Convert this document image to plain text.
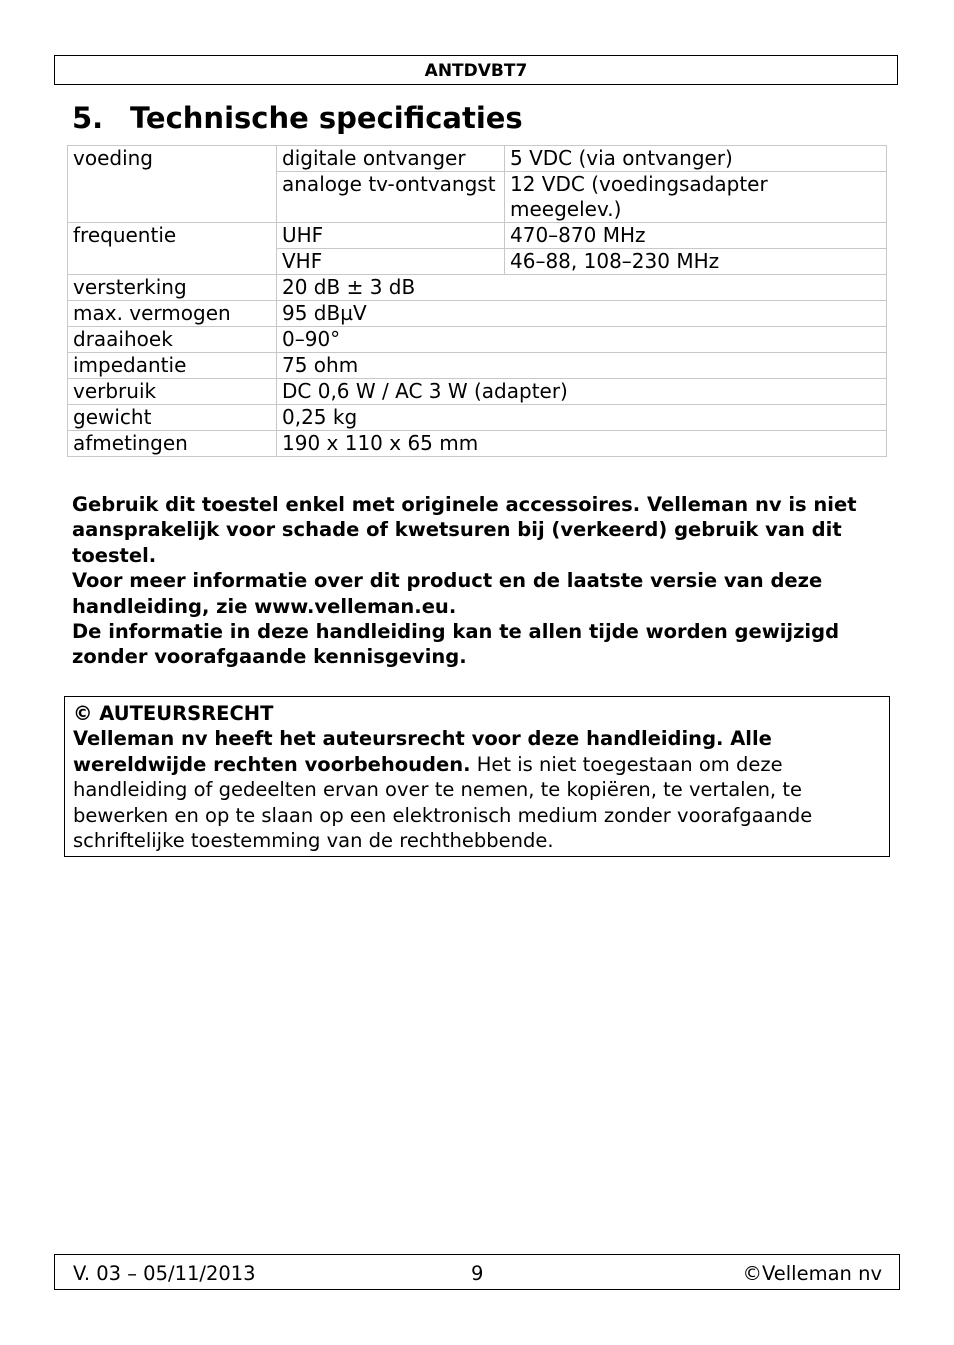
ANTDVBT7
5. Technische specificaties
voeding	digitale ontvanger	5 VDC (via ontvanger)
	analoge tv-ontvangst	12 VDC (voedingsadapter meegelev.)
frequentie	UHF	470–870 MHz
	VHF	46–88, 108–230 MHz
versterking	20 dB ± 3 dB	
max. vermogen	95 dBµV	
draaihoek	0–90°	
impedantie	75 ohm	
verbruik	DC 0,6 W / AC 3 W (adapter)	
gewicht	0,25 kg	
afmetingen	190 x 110 x 65 mm	

Gebruik dit toestel enkel met originele accessoires. Velleman nv is niet aansprakelijk voor schade of kwetsuren bij (verkeerd) gebruik van dit toestel.

Voor meer informatie over dit product en de laatste versie van deze handleiding, zie www.velleman.eu.

De informatie in deze handleiding kan te allen tijde worden gewijzigd zonder voorafgaande kennisgeving.

© AUTEURSRECHT

Velleman nv heeft het auteursrecht voor deze handleiding. Alle wereldwijde rechten voorbehouden. Het is niet toegestaan om deze handleiding of gedeelten ervan over te nemen, te kopiëren, te vertalen, te bewerken en op te slaan op een elektronisch medium zonder voorafgaande schriftelijke toestemming van de rechthebbende.

V. 03 – 05/11/2013	9	©Velleman nv
